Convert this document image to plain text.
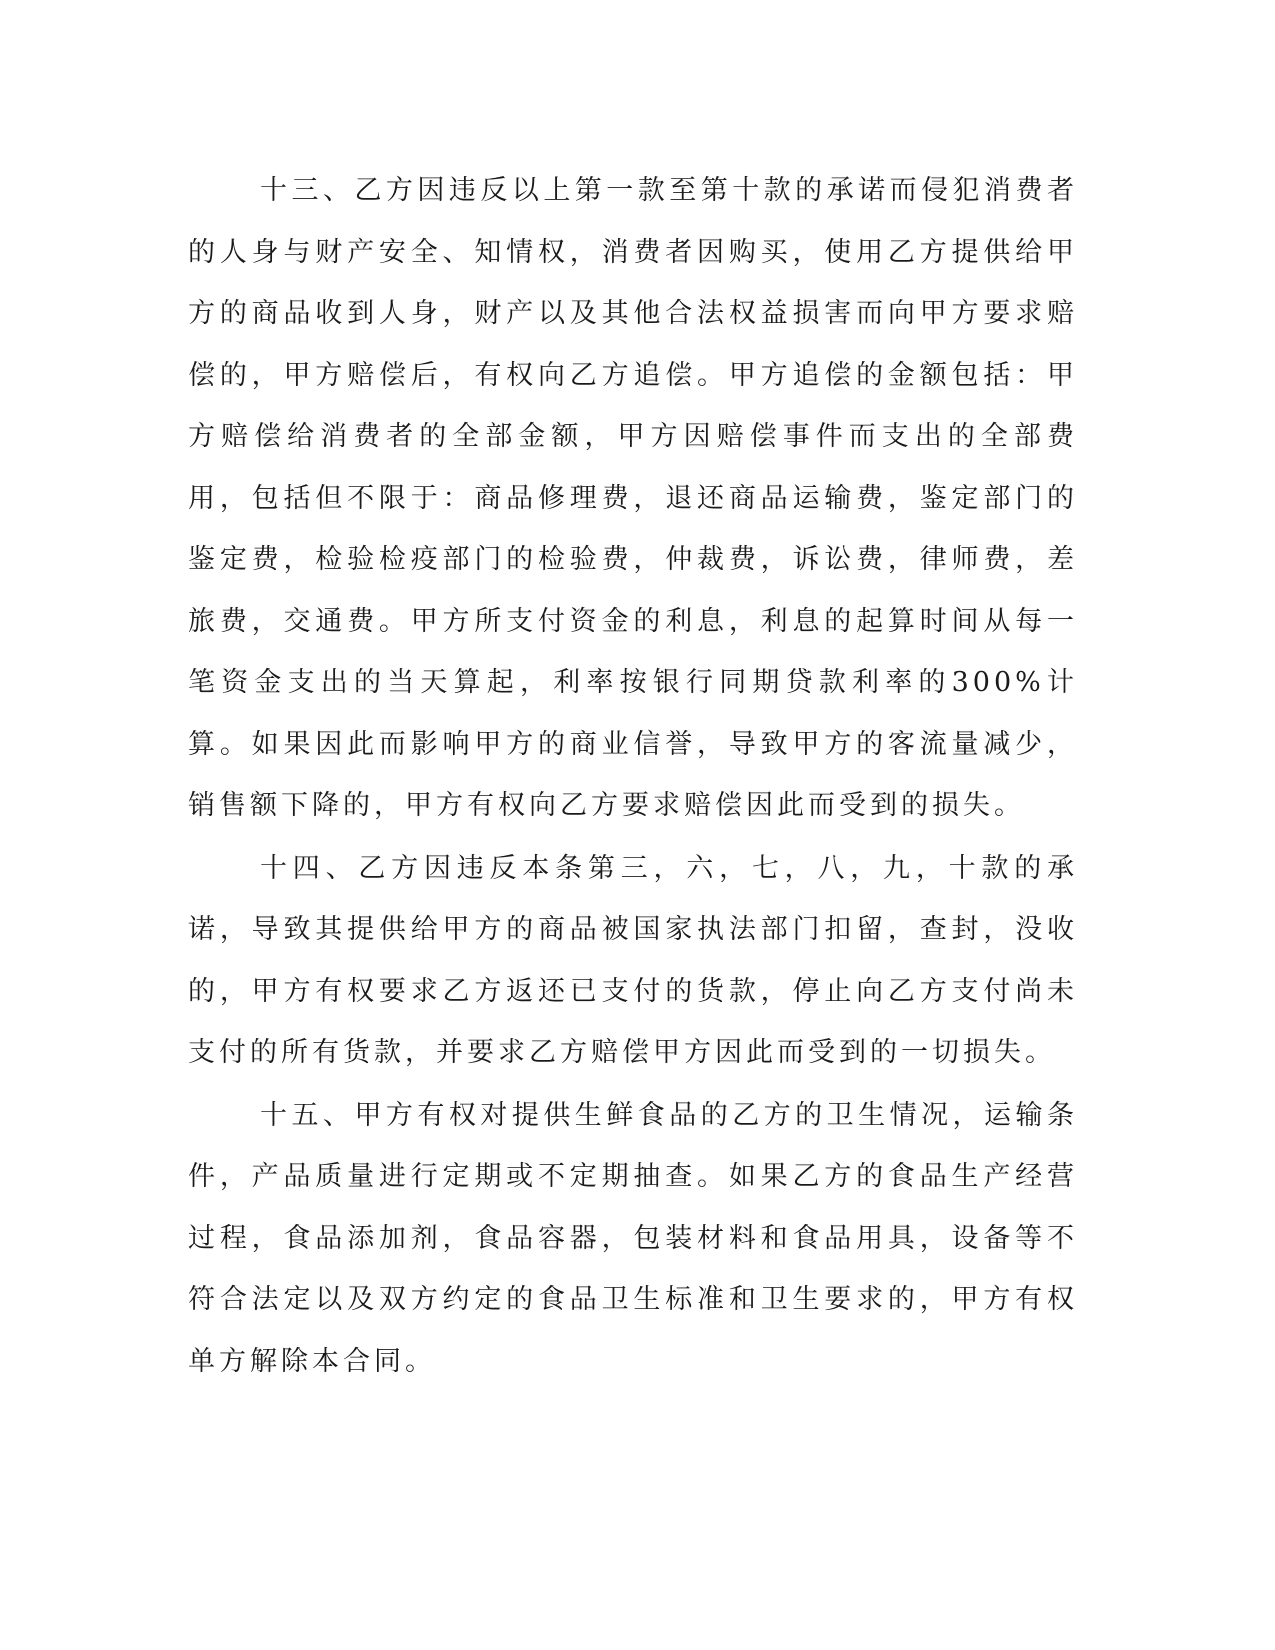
十三、乙方因违反以上第一款至第十款的承诺而侵犯消费者的人身与财产安全、知情权，消费者因购买，使用乙方提供给甲方的商品收到人身，财产以及其他合法权益损害而向甲方要求赔偿的，甲方赔偿后，有权向乙方追偿。甲方追偿的金额包括：甲方赔偿给消费者的全部金额，甲方因赔偿事件而支出的全部费用，包括但不限于：商品修理费，退还商品运输费，鉴定部门的鉴定费，检验检疫部门的检验费，仲裁费，诉讼费，律师费，差旅费，交通费。甲方所支付资金的利息，利息的起算时间从每一笔资金支出的当天算起，利率按银行同期贷款利率的300%计算。如果因此而影响甲方的商业信誉，导致甲方的客流量减少，销售额下降的，甲方有权向乙方要求赔偿因此而受到的损失。

十四、乙方因违反本条第三，六，七，八，九，十款的承诺，导致其提供给甲方的商品被国家执法部门扣留，查封，没收的，甲方有权要求乙方返还已支付的货款，停止向乙方支付尚未支付的所有货款，并要求乙方赔偿甲方因此而受到的一切损失。

十五、甲方有权对提供生鲜食品的乙方的卫生情况，运输条件，产品质量进行定期或不定期抽查。如果乙方的食品生产经营过程，食品添加剂，食品容器，包装材料和食品用具，设备等不符合法定以及双方约定的食品卫生标准和卫生要求的，甲方有权单方解除本合同。
